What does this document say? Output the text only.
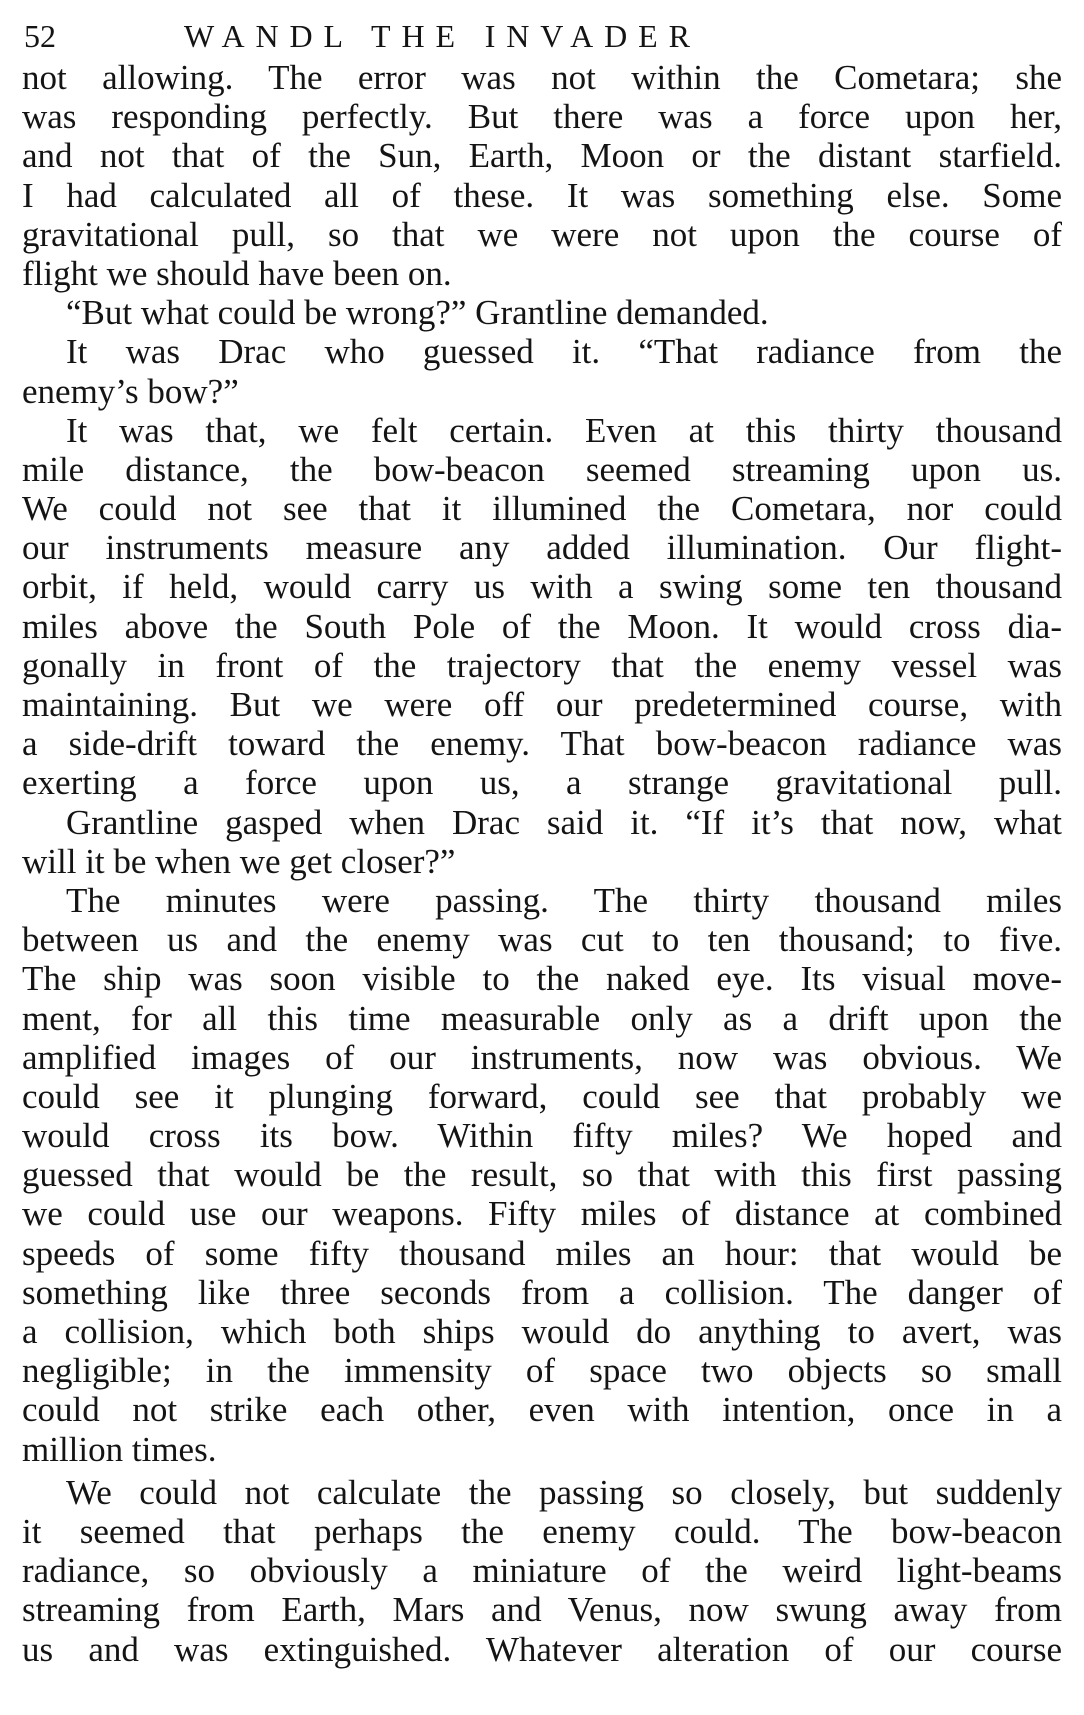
52	WANDL THE INVADER
not allowing. The error was not within the Cometara; she
was responding perfectly. But there was a force upon her,
and not that of the Sun, Earth, Moon or the distant starfield.
I had calculated all of these. It was something else. Some
gravitational pull, so that we were not upon the course of
flight we should have been on.
“But what could be wrong?” Grantline demanded.
It was Drac who guessed it. “That radiance from the
enemy’s bow?”
It was that, we felt certain. Even at this thirty thousand
mile distance, the bow-beacon seemed streaming upon us.
We could not see that it illumined the Cometara, nor could
our instruments measure any added illumination. Our flight-
orbit, if held, would carry us with a swing some ten thousand
miles above the South Pole of the Moon. It would cross dia-
gonally in front of the trajectory that the enemy vessel was
maintaining. But we were off our predetermined course, with
a side-drift toward the enemy. That bow-beacon radiance was
exerting a force upon us, a strange gravitational pull.
Grantline gasped when Drac said it. “If it’s that now, what
will it be when we get closer?”
The minutes were passing. The thirty thousand miles
between us and the enemy was cut to ten thousand; to five.
The ship was soon visible to the naked eye. Its visual move-
ment, for all this time measurable only as a drift upon the
amplified images of our instruments, now was obvious. We
could see it plunging forward, could see that probably we
would cross its bow. Within fifty miles? We hoped and
guessed that would be the result, so that with this first passing
we could use our weapons. Fifty miles of distance at combined
speeds of some fifty thousand miles an hour: that would be
something like three seconds from a collision. The danger of
a collision, which both ships would do anything to avert, was
negligible; in the immensity of space two objects so small
could not strike each other, even with intention, once in a
million times.
We could not calculate the passing so closely, but suddenly
it seemed that perhaps the enemy could. The bow-beacon
radiance, so obviously a miniature of the weird light-beams
streaming from Earth, Mars and Venus, now swung away from
us and was extinguished. Whatever alteration of our course
